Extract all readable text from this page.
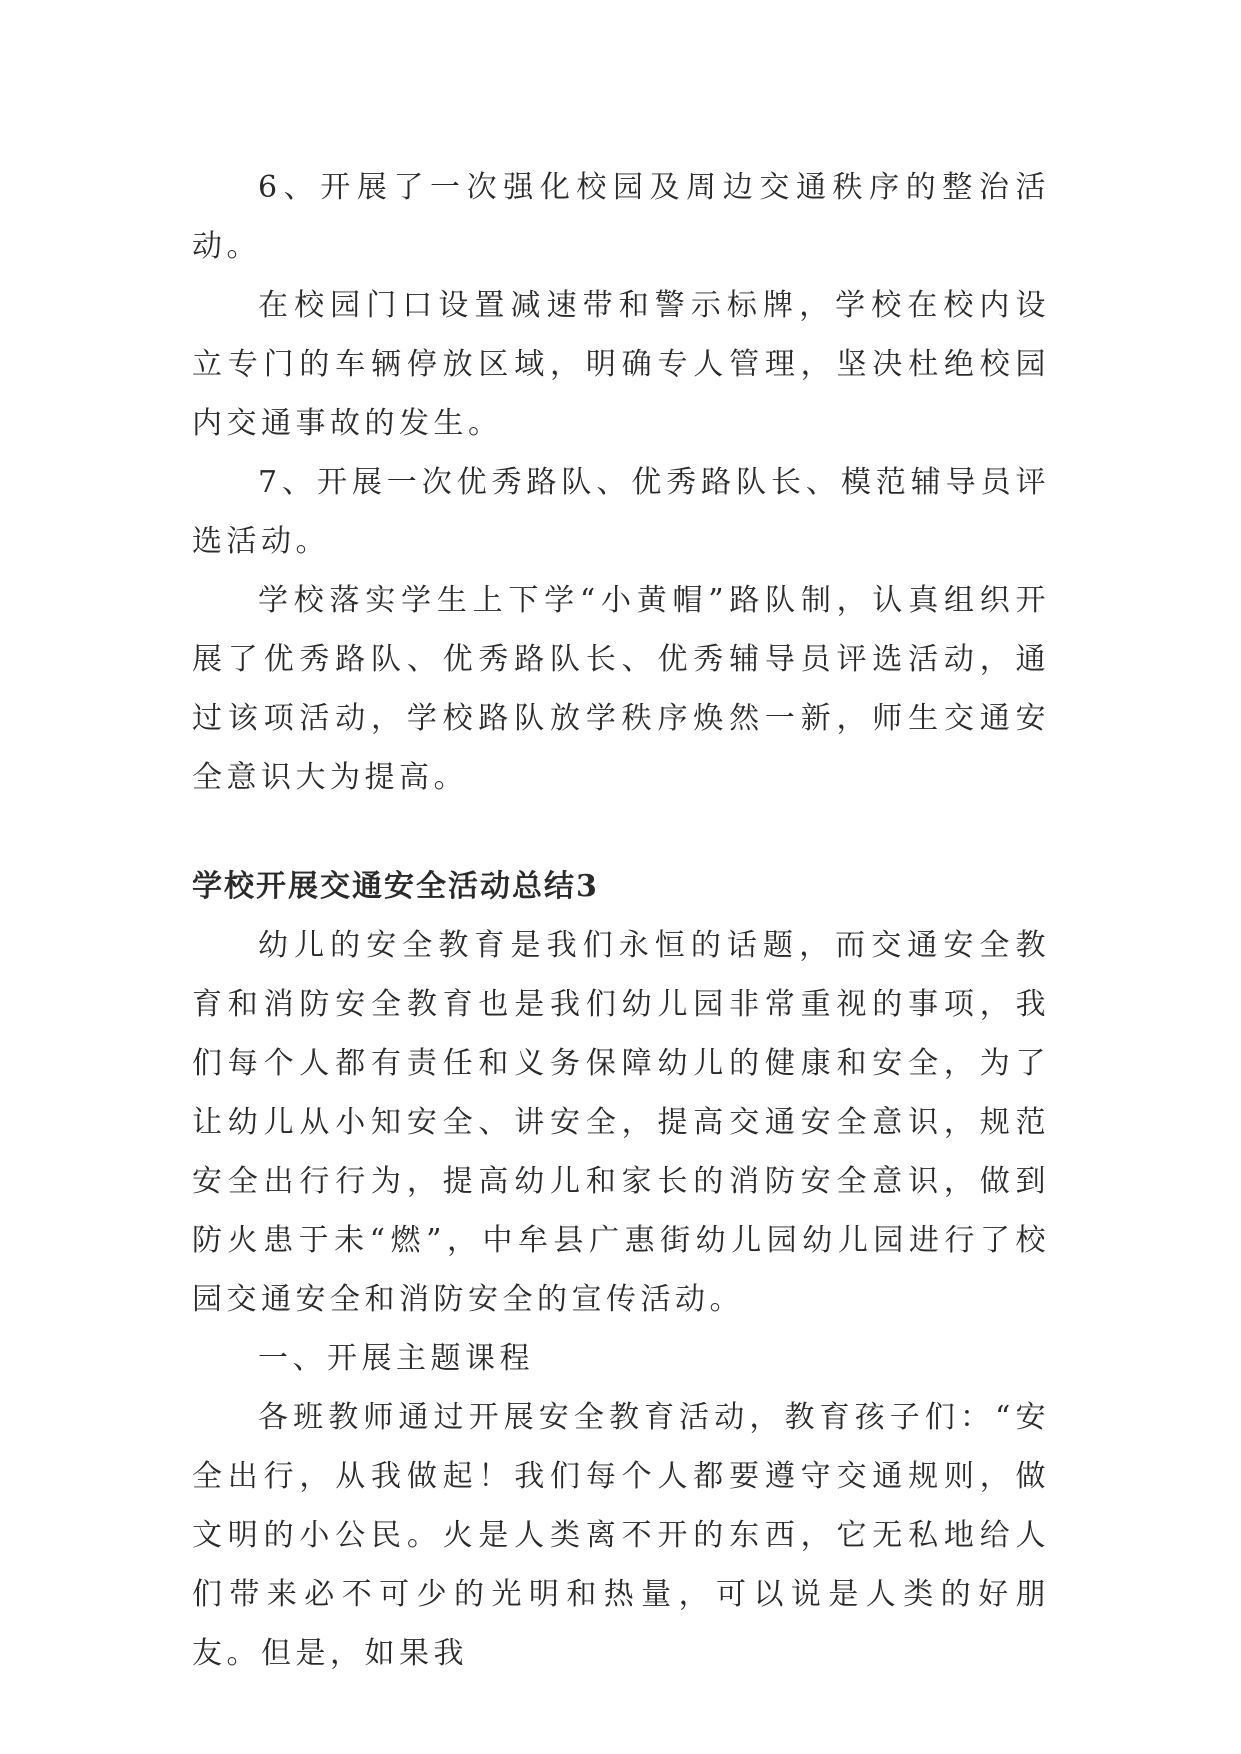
6、开展了一次强化校园及周边交通秩序的整治活动。

在校园门口设置减速带和警示标牌，学校在校内设立专门的车辆停放区域，明确专人管理，坚决杜绝校园内交通事故的发生。

7、开展一次优秀路队、优秀路队长、模范辅导员评选活动。

学校落实学生上下学“小黄帽”路队制，认真组织开展了优秀路队、优秀路队长、优秀辅导员评选活动，通过该项活动，学校路队放学秩序焕然一新，师生交通安全意识大为提高。

学校开展交通安全活动总结3

幼儿的安全教育是我们永恒的话题，而交通安全教育和消防安全教育也是我们幼儿园非常重视的事项，我们每个人都有责任和义务保障幼儿的健康和安全，为了让幼儿从小知安全、讲安全，提高交通安全意识，规范安全出行行为，提高幼儿和家长的消防安全意识，做到防火患于未“燃”，中牟县广惠街幼儿园幼儿园进行了校园交通安全和消防安全的宣传活动。

一、开展主题课程

各班教师通过开展安全教育活动，教育孩子们：“安全出行，从我做起！我们每个人都要遵守交通规则，做文明的小公民。火是人类离不开的东西，它无私地给人们带来必不可少的光明和热量，可以说是人类的好朋友。但是，如果我
